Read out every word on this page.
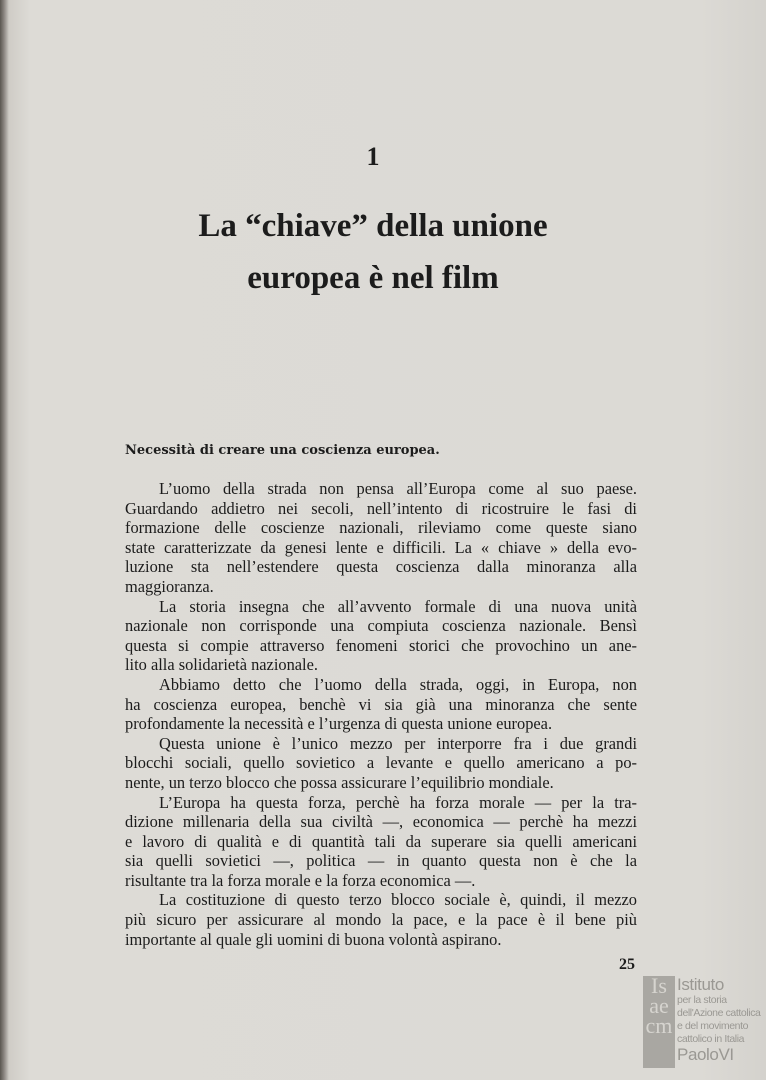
1
La “chiave” della unione
europea è nel film
Necessità di creare una coscienza europea.
L’uomo della strada non pensa all’Europa come al suo paese.
Guardando addietro nei secoli, nell’intento di ricostruire le fasi di
formazione delle coscienze nazionali, rileviamo come queste siano
state caratterizzate da genesi lente e difficili. La « chiave » della evo-
luzione sta nell’estendere questa coscienza dalla minoranza alla
maggioranza.
La storia insegna che all’avvento formale di una nuova unità
nazionale non corrisponde una compiuta coscienza nazionale. Bensì
questa si compie attraverso fenomeni storici che provochino un ane-
lito alla solidarietà nazionale.
Abbiamo detto che l’uomo della strada, oggi, in Europa, non
ha coscienza europea, benchè vi sia già una minoranza che sente
profondamente la necessità e l’urgenza di questa unione europea.
Questa unione è l’unico mezzo per interporre fra i due grandi
blocchi sociali, quello sovietico a levante e quello americano a po-
nente, un terzo blocco che possa assicurare l’equilibrio mondiale.
L’Europa ha questa forza, perchè ha forza morale — per la tra-
dizione millenaria della sua civiltà —, economica — perchè ha mezzi
e lavoro di qualità e di quantità tali da superare sia quelli americani
sia quelli sovietici —, politica — in quanto questa non è che la
risultante tra la forza morale e la forza economica —.
La costituzione di questo terzo blocco sociale è, quindi, il mezzo
più sicuro per assicurare al mondo la pace, e la pace è il bene più
importante al quale gli uomini di buona volontà aspirano.
25
Is
ae
cm
Istituto
per la storia
dell'Azione cattolica
e del movimento
cattolico in Italia
PaoloVI
